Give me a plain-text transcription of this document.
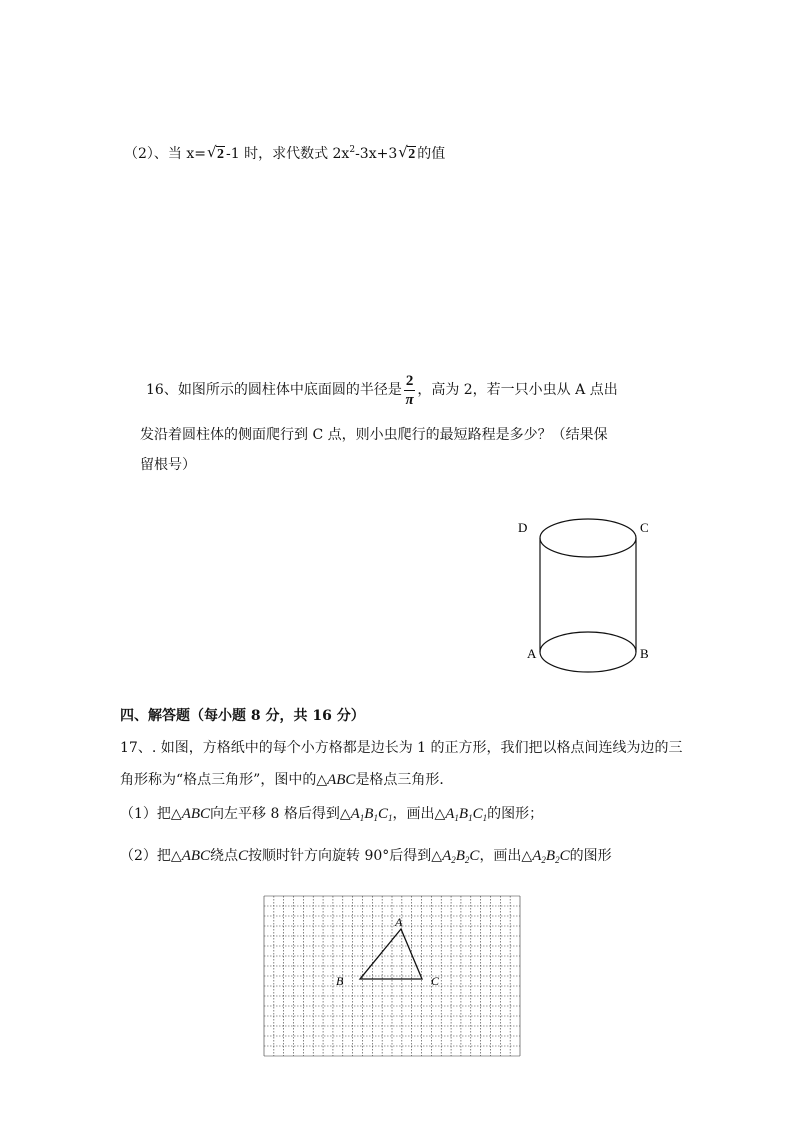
（2）、当 x= √ 2 -1 时，求代数式 $2x^2-3x+3$ √ 2 的值
16、如图所示的圆柱体中底面圆的半径是 $\frac{2}{\pi}$ ，高为 2，若一只小虫从 A 点出
发沿着圆柱体的侧面爬行到 C 点，则小虫爬行的最短路程是多少？（结果保
留根号）
D	C
A	B
四、解答题（每小题 8 分，共 16 分）
17、. 如图，方格纸中的每个小方格都是边长为 1 的正方形，我们把以格点间连线为边的三
角形称为“格点三角形”，图中的△ABC是格点三角形．
（1）把△ABC向左平移 8 格后得到$\triangle A_1B_1C_1$，画出$\triangle A_1B_1C_1$的图形；
（2）把△ABC绕点C按顺时针方向旋转 90°后得到$\triangle A_2B_2C$，画出$\triangle A_2B_2C$的图形
A
B	C
